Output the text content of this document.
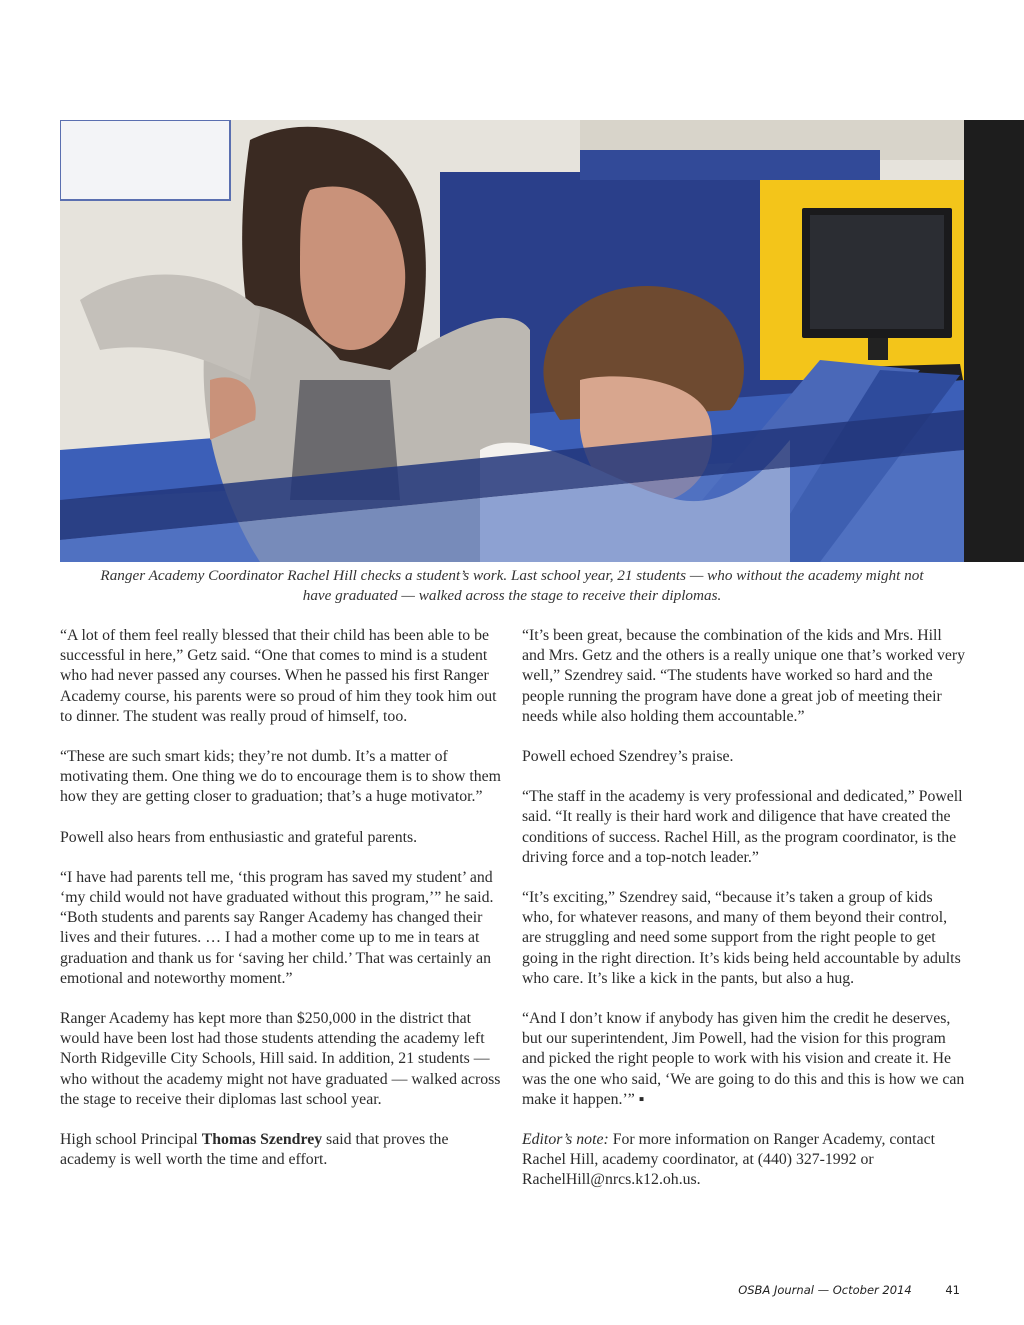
Ranger Academy Coordinator Rachel Hill checks a student’s work. Last school year, 21 students — who without the academy might not
have graduated — walked across the stage to receive their diplomas.

“A lot of them feel really blessed that their child has been able to be successful in here,” Getz said. “One that comes to mind is a student who had never passed any courses. When he passed his first Ranger Academy course, his parents were so proud of him they took him out to dinner. The student was really proud of himself, too.

“These are such smart kids; they’re not dumb. It’s a matter of motivating them. One thing we do to encourage them is to show them how they are getting closer to graduation; that’s a huge motivator.”

Powell also hears from enthusiastic and grateful parents.

“I have had parents tell me, ‘this program has saved my student’ and ‘my child would not have graduated without this program,’” he said. “Both students and parents say Ranger Academy has changed their lives and their futures. … I had a mother come up to me in tears at graduation and thank us for ‘saving her child.’ That was certainly an emotional and noteworthy moment.”

Ranger Academy has kept more than $250,000 in the district that would have been lost had those students attending the academy left North Ridgeville City Schools, Hill said. In addition, 21 students — who without the academy might not have graduated — walked across the stage to receive their diplomas last school year.

High school Principal Thomas Szendrey said that proves the academy is well worth the time and effort.

“It’s been great, because the combination of the kids and Mrs. Hill and Mrs. Getz and the others is a really unique one that’s worked very well,” Szendrey said. “The students have worked so hard and the people running the program have done a great job of meeting their needs while also holding them accountable.”

Powell echoed Szendrey’s praise.

“The staff in the academy is very professional and dedicated,” Powell said. “It really is their hard work and diligence that have created the conditions of success. Rachel Hill, as the program coordinator, is the driving force and a top-notch leader.”

“It’s exciting,” Szendrey said, “because it’s taken a group of kids who, for whatever reasons, and many of them beyond their control, are struggling and need some support from the right people to get going in the right direction. It’s kids being held accountable by adults who care. It’s like a kick in the pants, but also a hug.

“And I don’t know if anybody has given him the credit he deserves, but our superintendent, Jim Powell, had the vision for this program and picked the right people to work with his vision and create it. He was the one who said, ‘We are going to do this and this is how we can make it happen.’” ▪

Editor’s note: For more information on Ranger Academy, contact Rachel Hill, academy coordinator, at (440) 327-1992 or RachelHill@nrcs.k12.oh.us.

OSBA Journal — October 2014	41
